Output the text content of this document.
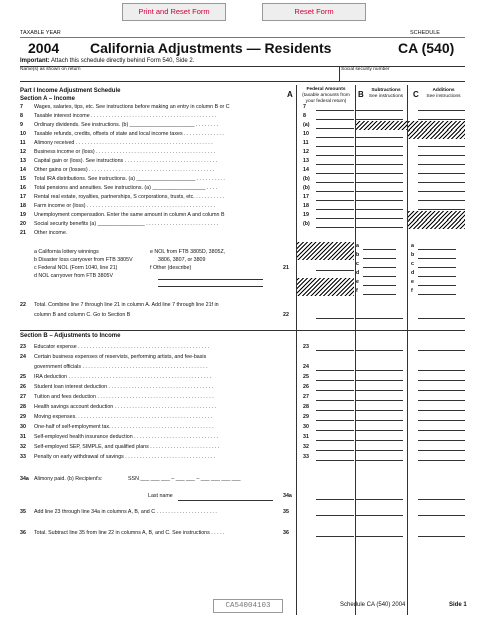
Print and Reset Form	Reset Form
TAXABLE YEAR	SCHEDULE
2004 California Adjustments — Residents	CA (540)
Important: Attach this schedule directly behind Form 540, Side 2.
Name(s) as shown on return	Social security number
Part I Income Adjustment Schedule
Section A – Income	A
Federal Amounts
(taxable amounts from your federal return)
B	Subtractions
See instructions	C	Additions
See instructions
7	Wages, salaries, tips, etc. See instructions before making an entry in column B or C	7
8	Taxable interest income . . . . . . . . . . . . . . . . . . . . . . . . . . . . . . . . . . . . . . . . . . .	8
9	Ordinary dividends. See instructions. (b) ______________________ . . . . . . . .	(a)
10	Taxable refunds, credits, offsets of state and local income taxes . . . . . . . . . . . . . .	10
11	Alimony received . . . . . . . . . . . . . . . . . . . . . . . . . . . . . . . . . . . . . . . . . . . . . . .	11
12	Business income or (loss) . . . . . . . . . . . . . . . . . . . . . . . . . . . . . . . . . . . . . . . . .	12
13	Capital gain or (loss). See instructions . . . . . . . . . . . . . . . . . . . . . . . . . . . . . . . .	13
14	Other gains or (losses) . . . . . . . . . . . . . . . . . . . . . . . . . . . . . . . . . . . . . . . . . . .	14
15	Total IRA distributions. See instructions. (a) ____________________ . . . . . . . . . .	(b)
16	Total pensions and annuities. See instructions. (a) __________________ . . . .	(b)
17	Rental real estate, royalties, partnerships, S corporations, trusts, etc. . . . . . . . . . .	17
18	Farm income or (loss) . . . . . . . . . . . . . . . . . . . . . . . . . . . . . . . . . . . . . . . . . . . .	18
19	Unemployment compensation. Enter the same amount in column A and column B	19
20	Social security benefits (a) ________________ . . . . . . . . . . . . . . . . . . . . . . . . .	(b)
21	Other income.
a California lottery winnings
b Disaster loss carryover from FTB 3805V
c Federal NOL (Form 1040, line 21)
d NOL carryover from FTB 3805V
e NOL from FTB 3805D, 3805Z,
3806, 3807, or 3809
f Other (describe)	21
a	a
b	b
c	c
d	d
e	e
f	f
22 Total. Combine line 7 through line 21 in column A. Add line 7 through line 21f in
column B and column C. Go to Section B	22
Section B – Adjustments to Income
23	Educator expense . . . . . . . . . . . . . . . . . . . . . . . . . . . . . . . . . . . . . . . . . . . . .	23
24	Certain business expenses of reservists, performing artists, and fee-basis
government officials . . . . . . . . . . . . . . . . . . . . . . . . . . . . . . . . . . . . . . . . . . .	24
25	IRA deduction . . . . . . . . . . . . . . . . . . . . . . . . . . . . . . . . . . . . . . . . . . . . . . . . .	25
26	Student loan interest deduction . . . . . . . . . . . . . . . . . . . . . . . . . . . . . . . . . . . .	26
27	Tuition and fees deduction . . . . . . . . . . . . . . . . . . . . . . . . . . . . . . . . . . . . . . . .	27
28	Health savings account deduction . . . . . . . . . . . . . . . . . . . . . . . . . . . . . . . . . . .	28
29	Moving expenses. . . . . . . . . . . . . . . . . . . . . . . . . . . . . . . . . . . . . . . . . . . . . . .	29
30	One-half of self-employment tax. . . . . . . . . . . . . . . . . . . . . . . . . . . . . . . . . . . .	30
31	Self-employed health insurance deduction . . . . . . . . . . . . . . . . . . . . . . . . . . . . .	31
32	Self-employed SEP, SIMPLE, and qualified plans . . . . . . . . . . . . . . . . . . . . . . . .	32
33	Penalty on early withdrawal of savings . . . . . . . . . . . . . . . . . . . . . . . . . . . . . . .	33
34a Alimony paid. (b) Recipient's:	SSN ___ ___ ___ – ___ ___ – ___ ___ ___ ___
Last name	34a
35 Add line 23 through line 34a in columns A, B, and C . . . . . . . . . . . . . . . . . . . . .	35
36 Total. Subtract line 35 from line 22 in columns A, B, and C. See instructions . . . . .	36
CA54004103	Schedule CA (540) 2004	Side 1
